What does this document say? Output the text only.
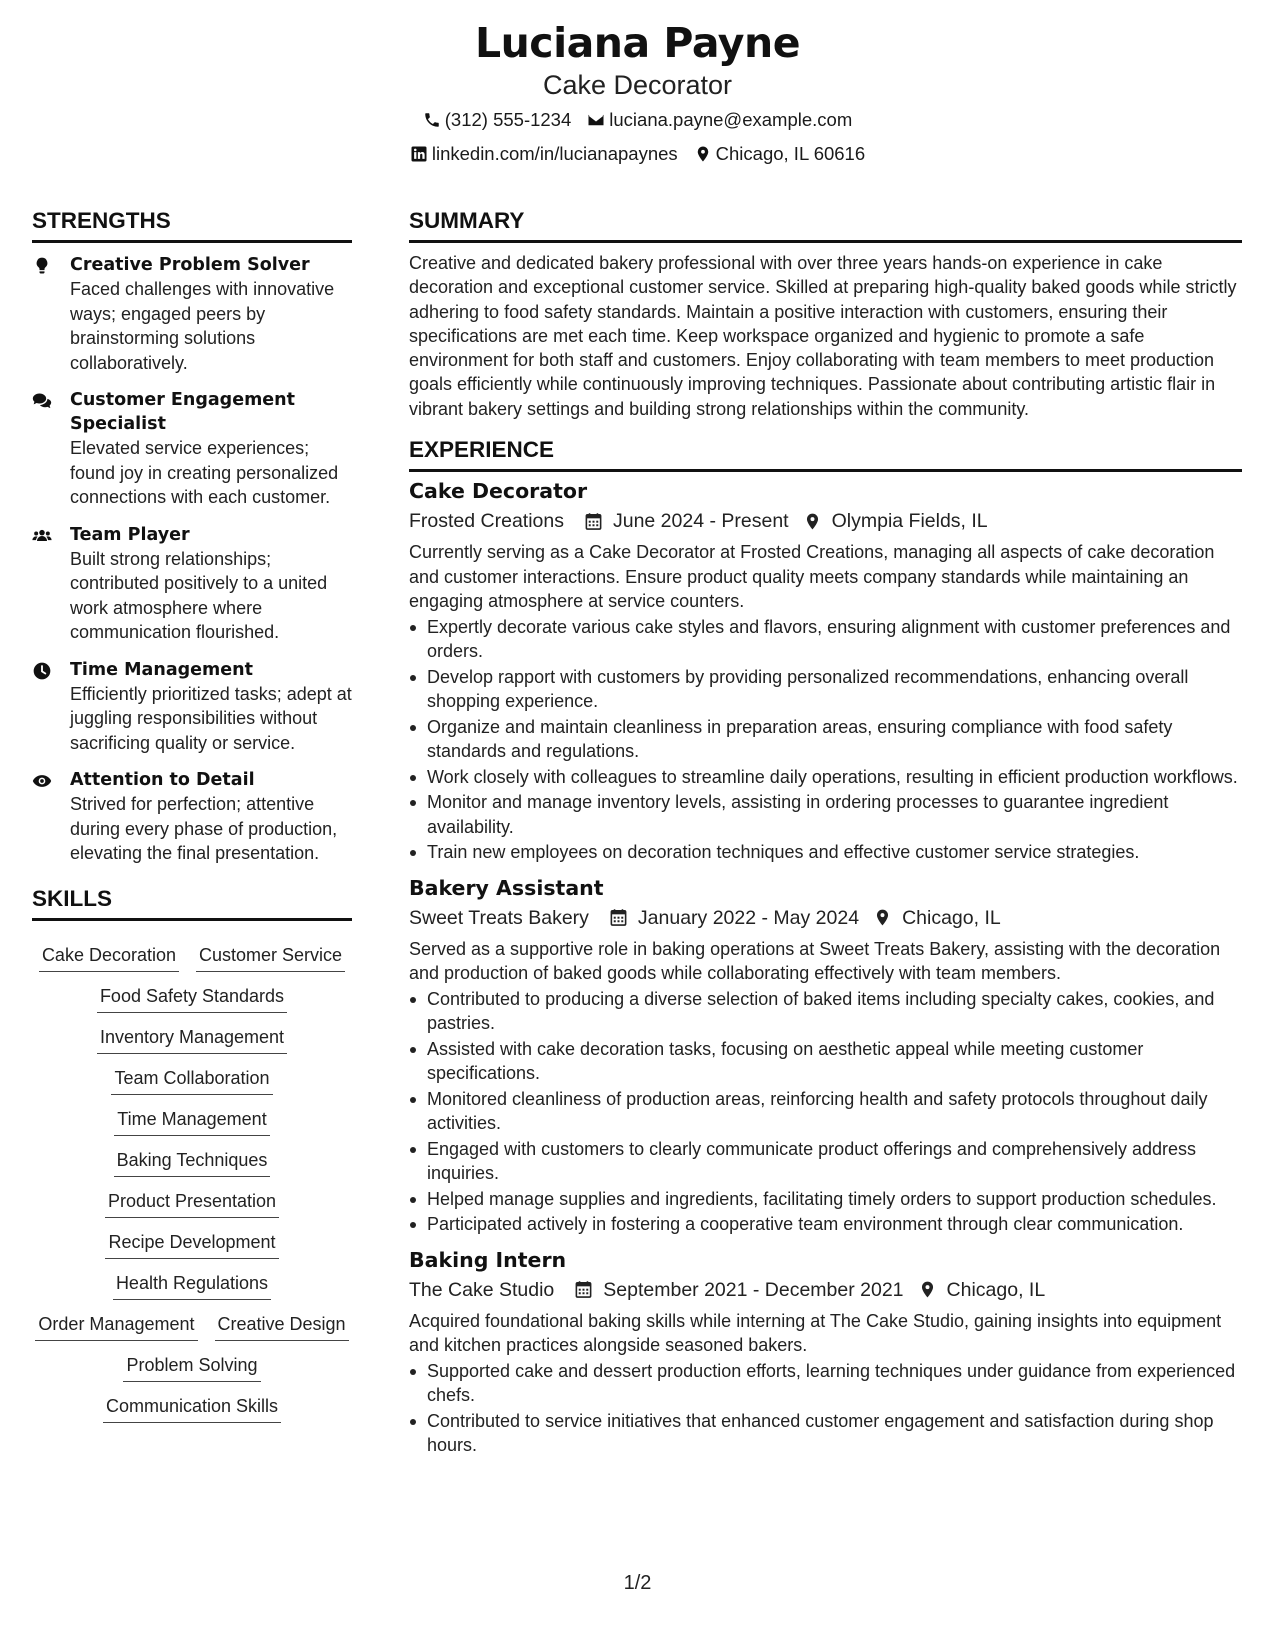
Luciana Payne
Cake Decorator
(312) 555-1234 luciana.payne@example.com
linkedin.com/in/lucianapaynes Chicago, IL 60616
STRENGTHS
Creative Problem Solver
Faced challenges with innovative ways; engaged peers by brainstorming solutions collaboratively.
Customer Engagement Specialist
Elevated service experiences; found joy in creating personalized connections with each customer.
Team Player
Built strong relationships; contributed positively to a united work atmosphere where communication flourished.
Time Management
Efficiently prioritized tasks; adept at juggling responsibilities without sacrificing quality or service.
Attention to Detail
Strived for perfection; attentive during every phase of production, elevating the final presentation.
SKILLS
Cake Decoration Customer Service
Food Safety Standards
Inventory Management
Team Collaboration
Time Management
Baking Techniques
Product Presentation
Recipe Development
Health Regulations
Order Management Creative Design
Problem Solving
Communication Skills
SUMMARY
Creative and dedicated bakery professional with over three years hands-on experience in cake decoration and exceptional customer service. Skilled at preparing high-quality baked goods while strictly adhering to food safety standards. Maintain a positive interaction with customers, ensuring their specifications are met each time. Keep workspace organized and hygienic to promote a safe environment for both staff and customers. Enjoy collaborating with team members to meet production goals efficiently while continuously improving techniques. Passionate about contributing artistic flair in vibrant bakery settings and building strong relationships within the community.
EXPERIENCE
Cake Decorator
Frosted Creations	June 2024 - Present Olympia Fields, IL
Currently serving as a Cake Decorator at Frosted Creations, managing all aspects of cake decoration and customer interactions. Ensure product quality meets company standards while maintaining an engaging atmosphere at service counters.
Expertly decorate various cake styles and flavors, ensuring alignment with customer preferences and orders.
Develop rapport with customers by providing personalized recommendations, enhancing overall shopping experience.
Organize and maintain cleanliness in preparation areas, ensuring compliance with food safety standards and regulations.
Work closely with colleagues to streamline daily operations, resulting in efficient production workflows.
Monitor and manage inventory levels, assisting in ordering processes to guarantee ingredient availability.
Train new employees on decoration techniques and effective customer service strategies.
Bakery Assistant
Sweet Treats Bakery	January 2022 - May 2024 Chicago, IL
Served as a supportive role in baking operations at Sweet Treats Bakery, assisting with the decoration and production of baked goods while collaborating effectively with team members.
Contributed to producing a diverse selection of baked items including specialty cakes, cookies, and pastries.
Assisted with cake decoration tasks, focusing on aesthetic appeal while meeting customer specifications.
Monitored cleanliness of production areas, reinforcing health and safety protocols throughout daily activities.
Engaged with customers to clearly communicate product offerings and comprehensively address inquiries.
Helped manage supplies and ingredients, facilitating timely orders to support production schedules.
Participated actively in fostering a cooperative team environment through clear communication.
Baking Intern
The Cake Studio	September 2021 - December 2021 Chicago, IL
Acquired foundational baking skills while interning at The Cake Studio, gaining insights into equipment and kitchen practices alongside seasoned bakers.
Supported cake and dessert production efforts, learning techniques under guidance from experienced chefs.
Contributed to service initiatives that enhanced customer engagement and satisfaction during shop hours.
1/2
